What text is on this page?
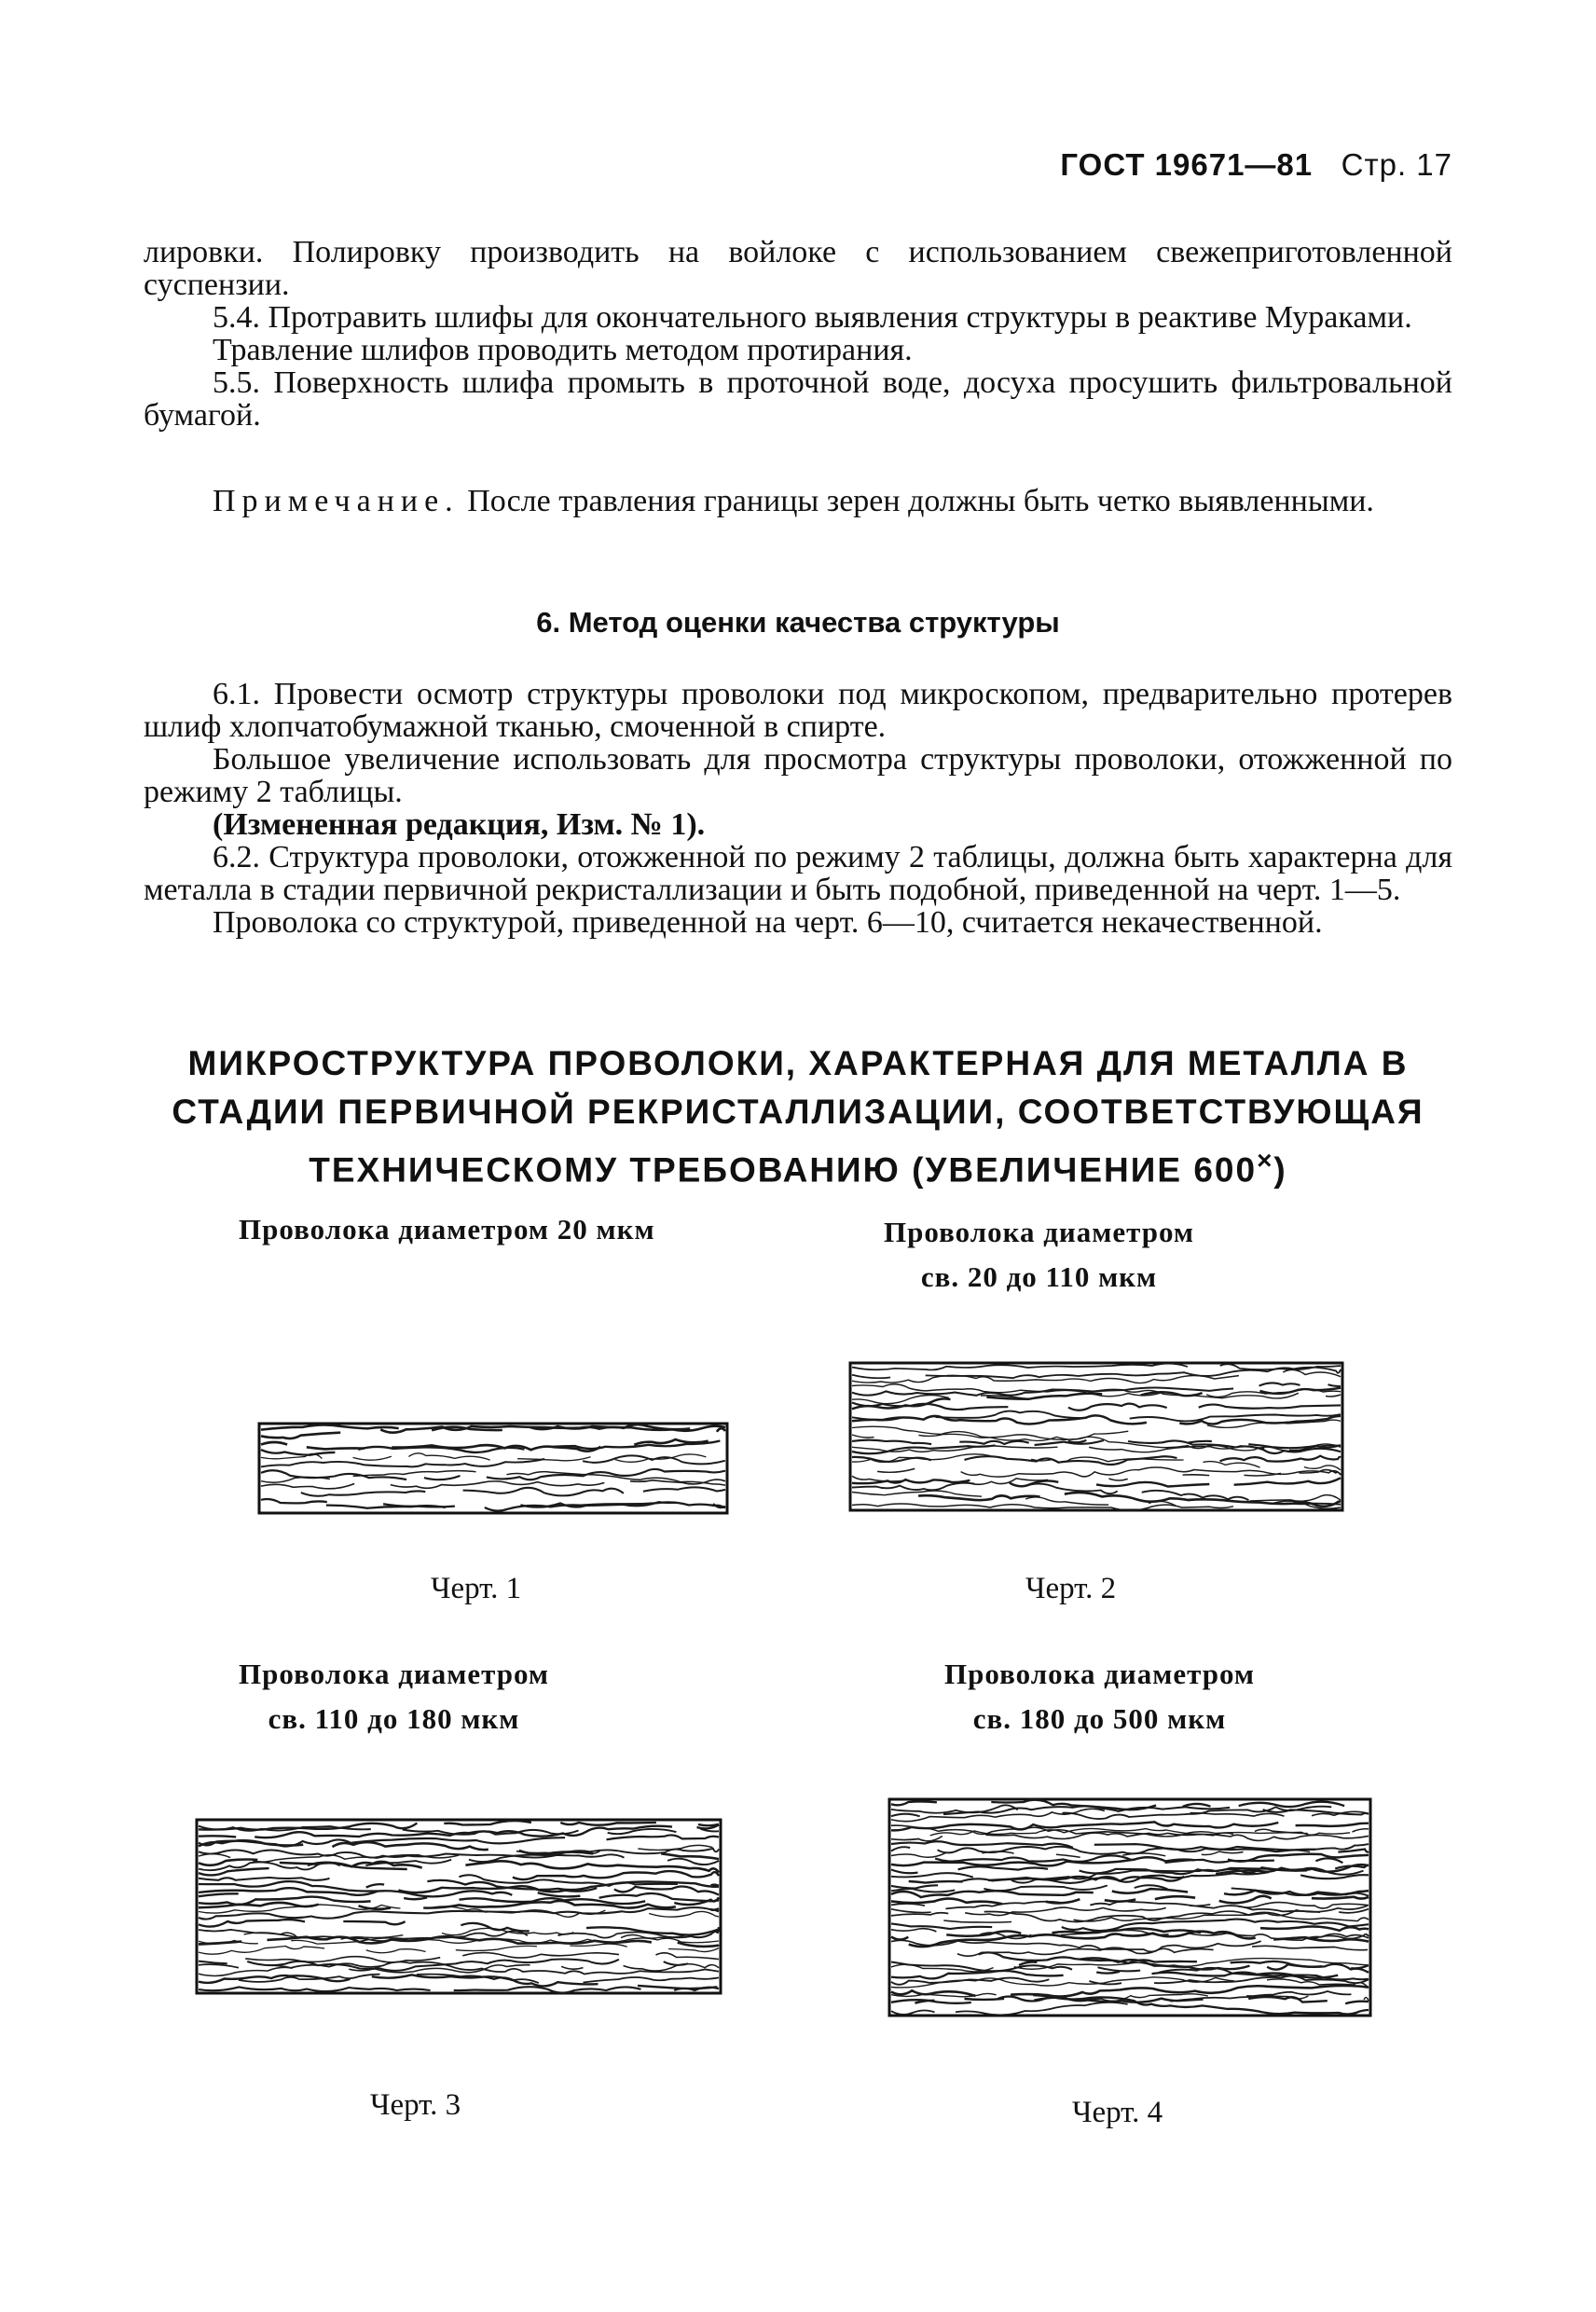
ГОСТ 19671—81 Стр. 17

лировки. Полировку производить на войлоке с использованием свежеприготовленной суспензии.

5.4. Протравить шлифы для окончательного выявления структуры в реактиве Мураками.

Травление шлифов проводить методом протирания.

5.5. Поверхность шлифа промыть в проточной воде, досуха просушить фильтровальной бумагой.

Примечание. После травления границы зерен должны быть четко выявленными.

6. Метод оценки качества структуры

6.1. Провести осмотр структуры проволоки под микроскопом, предварительно протерев шлиф хлопчатобумажной тканью, смоченной в спирте.

Большое увеличение использовать для просмотра структуры проволоки, отожженной по режиму 2 таблицы.

(Измененная редакция, Изм. № 1).

6.2. Структура проволоки, отожженной по режиму 2 таблицы, должна быть характерна для металла в стадии первичной рекристаллизации и быть подобной, приведенной на черт. 1—5.

Проволока со структурой, приведенной на черт. 6—10, считается некачественной.

МИКРОСТРУКТУРА ПРОВОЛОКИ, ХАРАКТЕРНАЯ ДЛЯ МЕТАЛЛА В
СТАДИИ ПЕРВИЧНОЙ РЕКРИСТАЛЛИЗАЦИИ, СООТВЕТСТВУЮЩАЯ
ТЕХНИЧЕСКОМУ ТРЕБОВАНИЮ (УВЕЛИЧЕНИЕ 600×)
Проволока диаметром 20 мкм
Черт. 1
Проволока диаметром
св. 20 до 110 мкм
Черт. 2
Проволока диаметром
св. 110 до 180 мкм
Черт. 3
Проволока диаметром
св. 180 до 500 мкм
Черт. 4
